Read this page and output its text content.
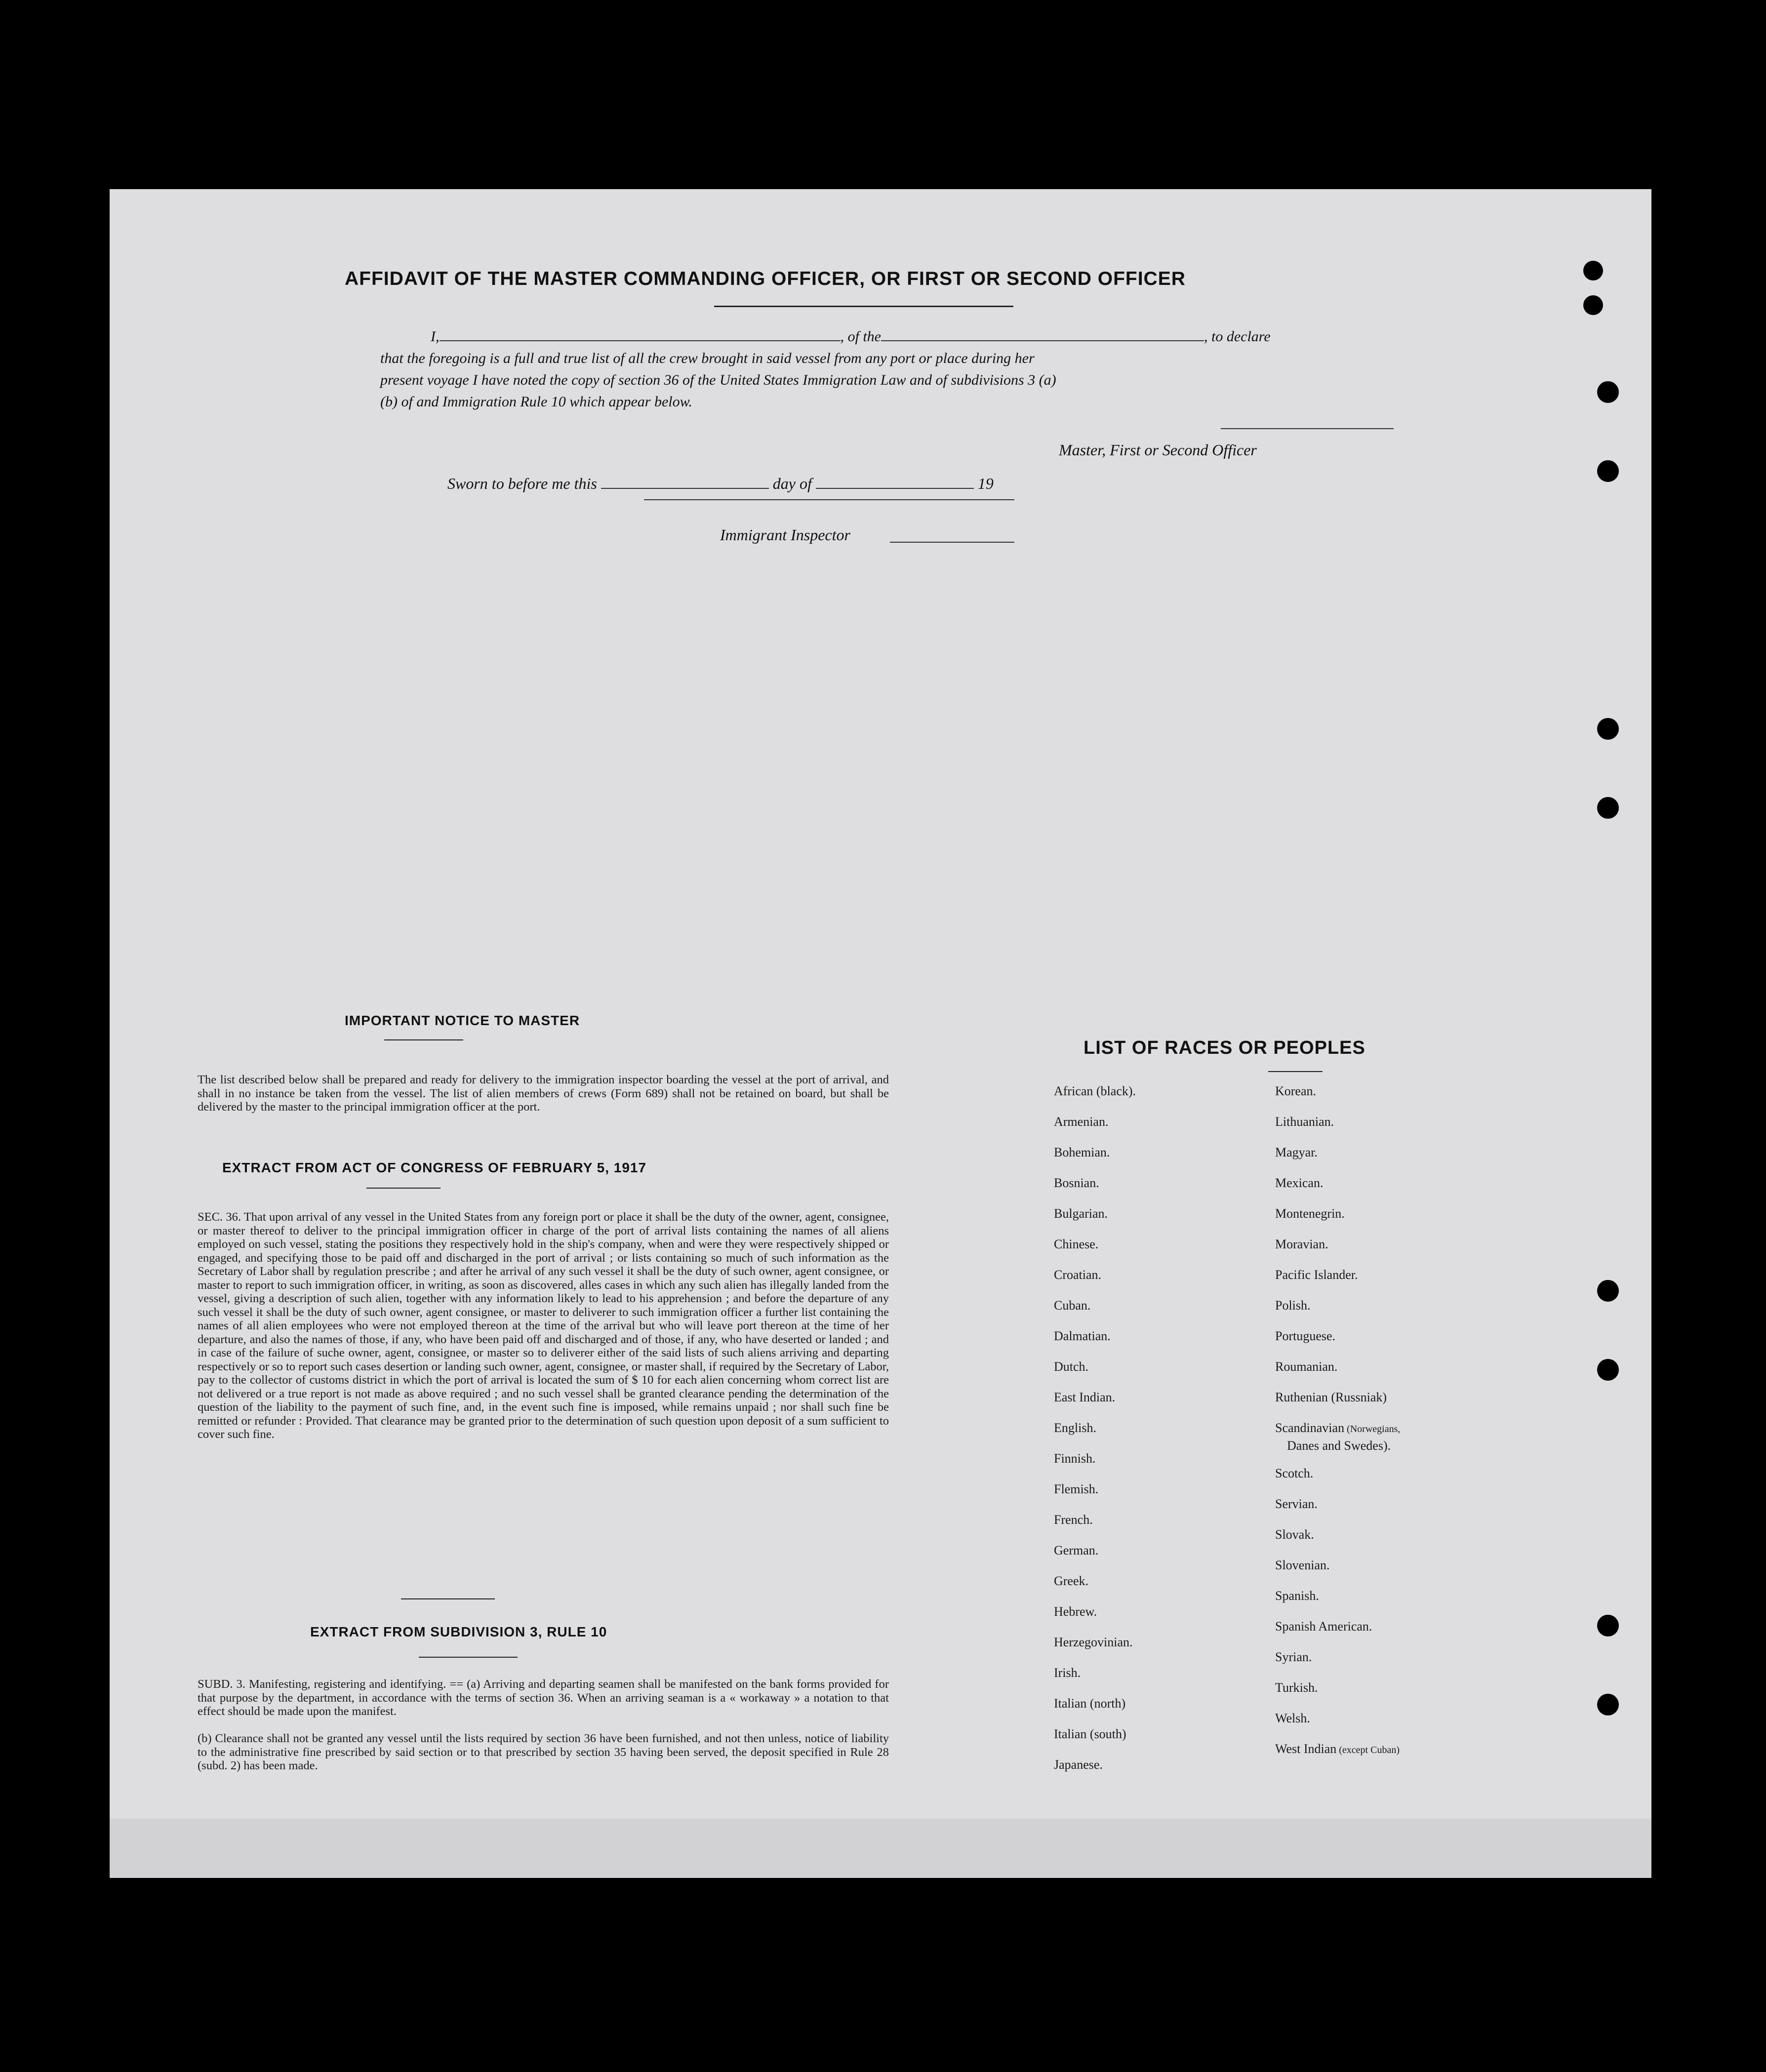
AFFIDAVIT OF THE MASTER COMMANDING OFFICER, OR FIRST OR SECOND OFFICER
I,	, of the	, to declare
that the foregoing is a full and true list of all the crew brought in said vessel from any port or place during her
present voyage I have noted the copy of section 36 of the United States Immigration Law and of subdivisions 3 (a)
(b) of and Immigration Rule 10 which appear below.
Master, First or Second Officer
Sworn to before me this	day of	19
Immigrant Inspector
IMPORTANT NOTICE TO MASTER
The list described below shall be prepared and ready for delivery to the immigration inspector boarding the vessel at the port of arrival, and shall in no instance be taken from the vessel. The list of alien members of crews (Form 689) shall not be retained on board, but shall be delivered by the master to the principal immigration officer at the port.
EXTRACT FROM ACT OF CONGRESS OF FEBRUARY 5, 1917
SEC. 36. That upon arrival of any vessel in the United States from any foreign port or place it shall be the duty of the owner, agent, consignee, or master thereof to deliver to the principal immigration officer in charge of the port of arrival lists containing the names of all aliens employed on such vessel, stating the positions they respectively hold in the ship's company, when and were they were respectively shipped or engaged, and specifying those to be paid off and discharged in the port of arrival ; or lists containing so much of such information as the Secretary of Labor shall by regulation prescribe ; and after he arrival of any such vessel it shall be the duty of such owner, agent consignee, or master to report to such immigration officer, in writing, as soon as discovered, alles cases in which any such alien has illegally landed from the vessel, giving a description of such alien, together with any information likely to lead to his apprehension ; and before the departure of any such vessel it shall be the duty of such owner, agent consignee, or master to deliverer to such immigration officer a further list containing the names of all alien employees who were not employed thereon at the time of the arrival but who will leave port thereon at the time of her departure, and also the names of those, if any, who have been paid off and discharged and of those, if any, who have deserted or landed ; and in case of the failure of suche owner, agent, consignee, or master so to deliverer either of the said lists of such aliens arriving and departing respectively or so to report such cases desertion or landing such owner, agent, consignee, or master shall, if required by the Secretary of Labor, pay to the collector of customs district in which the port of arrival is located the sum of $ 10 for each alien concerning whom correct list are not delivered or a true report is not made as above required ; and no such vessel shall be granted clearance pending the determination of the question of the liability to the payment of such fine, and, in the event such fine is imposed, while remains unpaid ; nor shall such fine be remitted or refunder : Provided. That clearance may be granted prior to the determination of such question upon deposit of a sum sufficient to cover such fine.
EXTRACT FROM SUBDIVISION 3, RULE 10
SUBD. 3. Manifesting, registering and identifying. == (a) Arriving and departing seamen shall be manifested on the bank forms provided for that purpose by the department, in accordance with the terms of section 36. When an arriving seaman is a « workaway » a notation to that effect should be made upon the manifest.
(b) Clearance shall not be granted any vessel until the lists required by section 36 have been furnished, and not then unless, notice of liability to the administrative fine prescribed by said section or to that prescribed by section 35 having been served, the deposit specified in Rule 28 (subd. 2) has been made.
LIST OF RACES OR PEOPLES
African (black).
Armenian.
Bohemian.
Bosnian.
Bulgarian.
Chinese.
Croatian.
Cuban.
Dalmatian.
Dutch.
East Indian.
English.
Finnish.
Flemish.
French.
German.
Greek.
Hebrew.
Herzegovinian.
Irish.
Italian (north)
Italian (south)
Japanese.
Korean.
Lithuanian.
Magyar.
Mexican.
Montenegrin.
Moravian.
Pacific Islander.
Polish.
Portuguese.
Roumanian.
Ruthenian (Russniak)
Scandinavian (Norwegians,
Danes and Swedes).
Scotch.
Servian.
Slovak.
Slovenian.
Spanish.
Spanish American.
Syrian.
Turkish.
Welsh.
West Indian (except Cuban)
